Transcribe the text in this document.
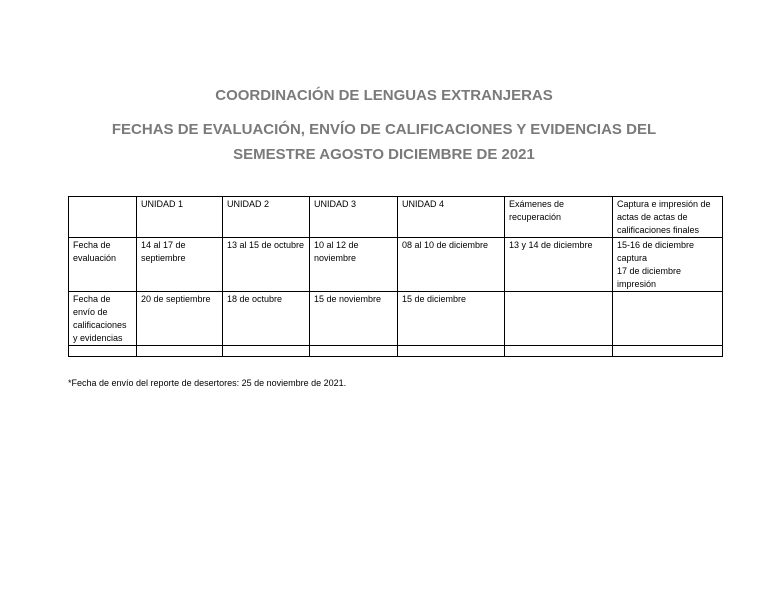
COORDINACIÓN DE LENGUAS EXTRANJERAS
FECHAS DE EVALUACIÓN, ENVÍO DE CALIFICACIONES Y EVIDENCIAS DEL
SEMESTRE AGOSTO DICIEMBRE DE 2021
	UNIDAD 1	UNIDAD 2	UNIDAD 3	UNIDAD 4	Exámenes de recuperación	Captura e impresión de actas de actas de calificaciones finales
Fecha de evaluación	14 al 17 de septiembre	13 al 15 de octubre	10 al 12 de noviembre	08 al 10 de diciembre	13 y 14 de diciembre	15-16 de diciembre captura
17 de diciembre impresión

Fecha de envío de calificaciones y evidencias	20 de septiembre	18 de octubre	15 de noviembre	15 de diciembre		

*Fecha de envío del reporte de desertores: 25 de noviembre de 2021.
